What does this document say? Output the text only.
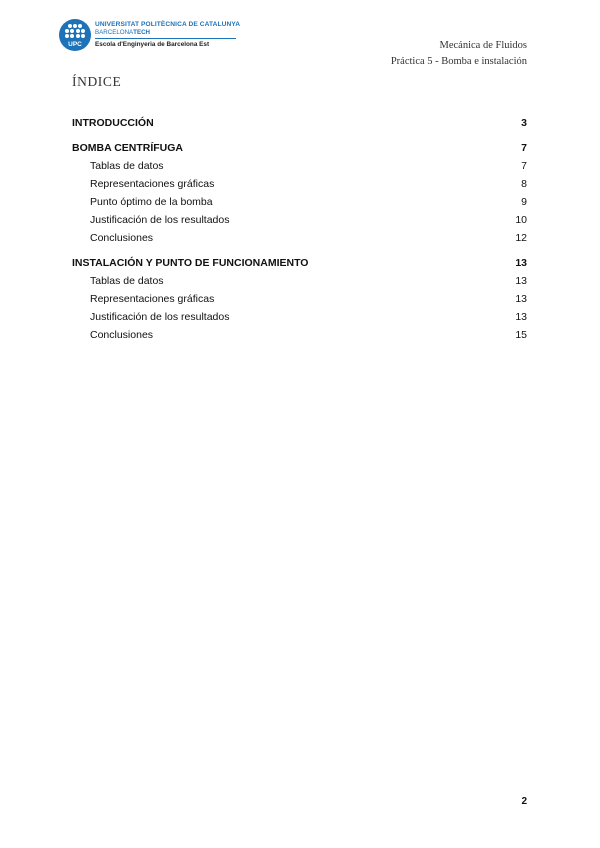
UPC
UNIVERSITAT POLITÈCNICA DE CATALUNYA
BARCELONATECH
Escola d'Enginyeria de Barcelona Est	Mecánica de Fluidos
Práctica 5 - Bomba e instalación
ÍNDICE
INTRODUCCIÓN	3
BOMBA CENTRÍFUGA	7
Tablas de datos	7
Representaciones gráficas	8
Punto óptimo de la bomba	9
Justificación de los resultados	10
Conclusiones	12
INSTALACIÓN Y PUNTO DE FUNCIONAMIENTO	13
Tablas de datos	13
Representaciones gráficas	13
Justificación de los resultados	13
Conclusiones	15
2
